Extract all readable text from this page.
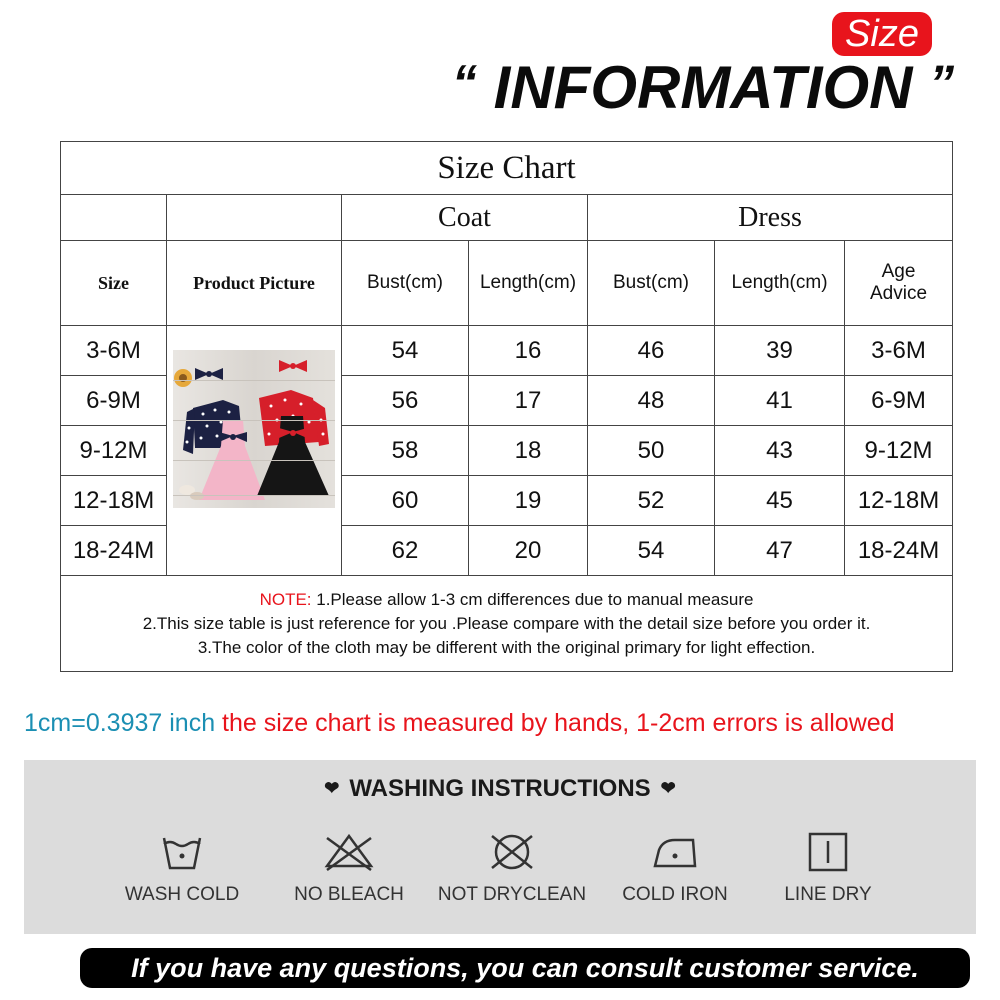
Size
“ INFORMATION ”
Size Chart						
		Coat		Dress		
Size	Product Picture	Bust(cm)	Length(cm)	Bust(cm)	Length(cm)	Age Advice
3-6M		54	16	46	39	3-6M
6-9M		56	17	48	41	6-9M
9-12M		58	18	50	43	9-12M
12-18M		60	19	52	45	12-18M
18-24M		62	20	54	47	18-24M

NOTE: 1.Please allow 1-3 cm differences due to manual measure
2.This size table is just reference for you .Please compare with the detail size before you order it.
3.The color of the cloth may be different with the original primary for light effection.						
1cm=0.3937 inch the size chart is measured by hands, 1-2cm errors is allowed
❤ WASHING INSTRUCTIONS ❤
WASH COLD	NO BLEACH	NOT DRYCLEAN	COLD IRON	LINE DRY
If you have any questions, you can consult customer service.
